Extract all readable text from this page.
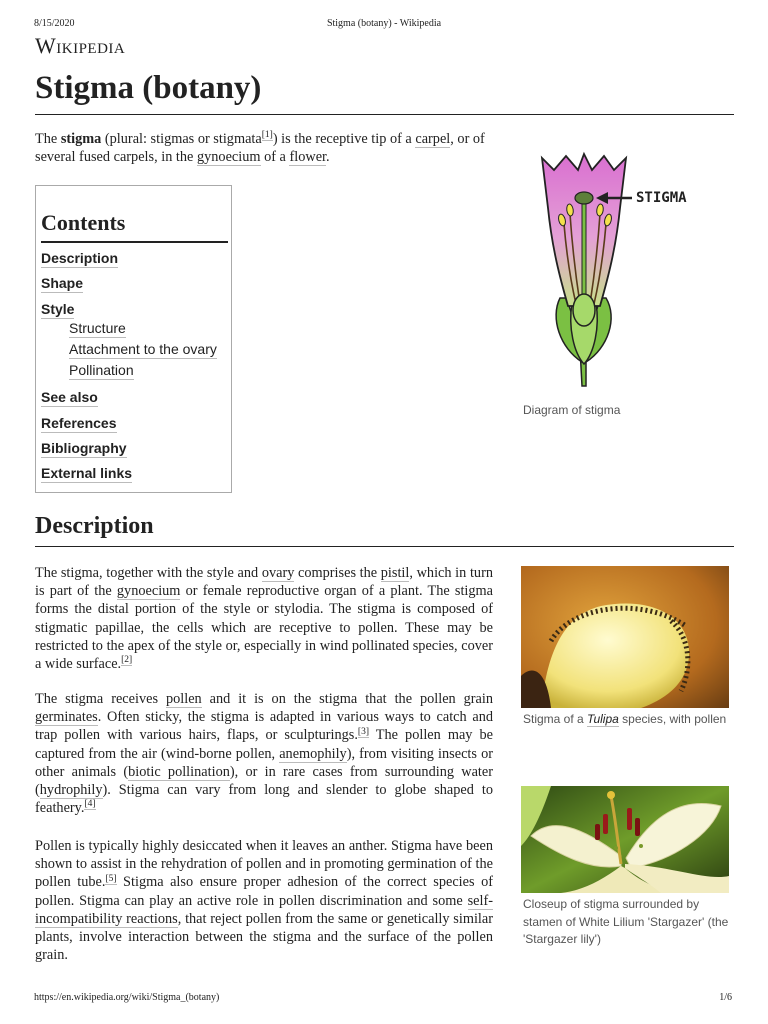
8/15/2020	Stigma (botany) - Wikipedia
https://en.wikipedia.org/wiki/Stigma_(botany)	1/6
Wikipedia
Stigma (botany)

The stigma (plural: stigmas or stigmata[1]) is the receptive tip of a carpel, or of several fused carpels, in the gynoecium of a flower.

Contents
Description
Shape
Style
Structure
Attachment to the ovary
Pollination
See also
References
Bibliography
External links
STIGMA
Diagram of stigma
Description

The stigma, together with the style and ovary comprises the pistil, which in turn is part of the gynoecium or female reproductive organ of a plant. The stigma forms the distal portion of the style or stylodia. The stigma is composed of stigmatic papillae, the cells which are receptive to pollen. These may be restricted to the apex of the style or, especially in wind pollinated species, cover a wide surface.[2]

The stigma receives pollen and it is on the stigma that the pollen grain germinates. Often sticky, the stigma is adapted in various ways to catch and trap pollen with various hairs, flaps, or sculpturings.[3] The pollen may be captured from the air (wind-borne pollen, anemophily), from visiting insects or other animals (biotic pollination), or in rare cases from surrounding water (hydrophily). Stigma can vary from long and slender to globe shaped to feathery.[4]

Pollen is typically highly desiccated when it leaves an anther. Stigma have been shown to assist in the rehydration of pollen and in promoting germination of the pollen tube.[5] Stigma also ensure proper adhesion of the correct species of pollen. Stigma can play an active role in pollen discrimination and some self-incompatibility reactions, that reject pollen from the same or genetically similar plants, involve interaction between the stigma and the surface of the pollen grain.

Stigma of a Tulipa species, with pollen
Closeup of stigma surrounded by stamen of White Lilium 'Stargazer' (the 'Stargazer lily')
